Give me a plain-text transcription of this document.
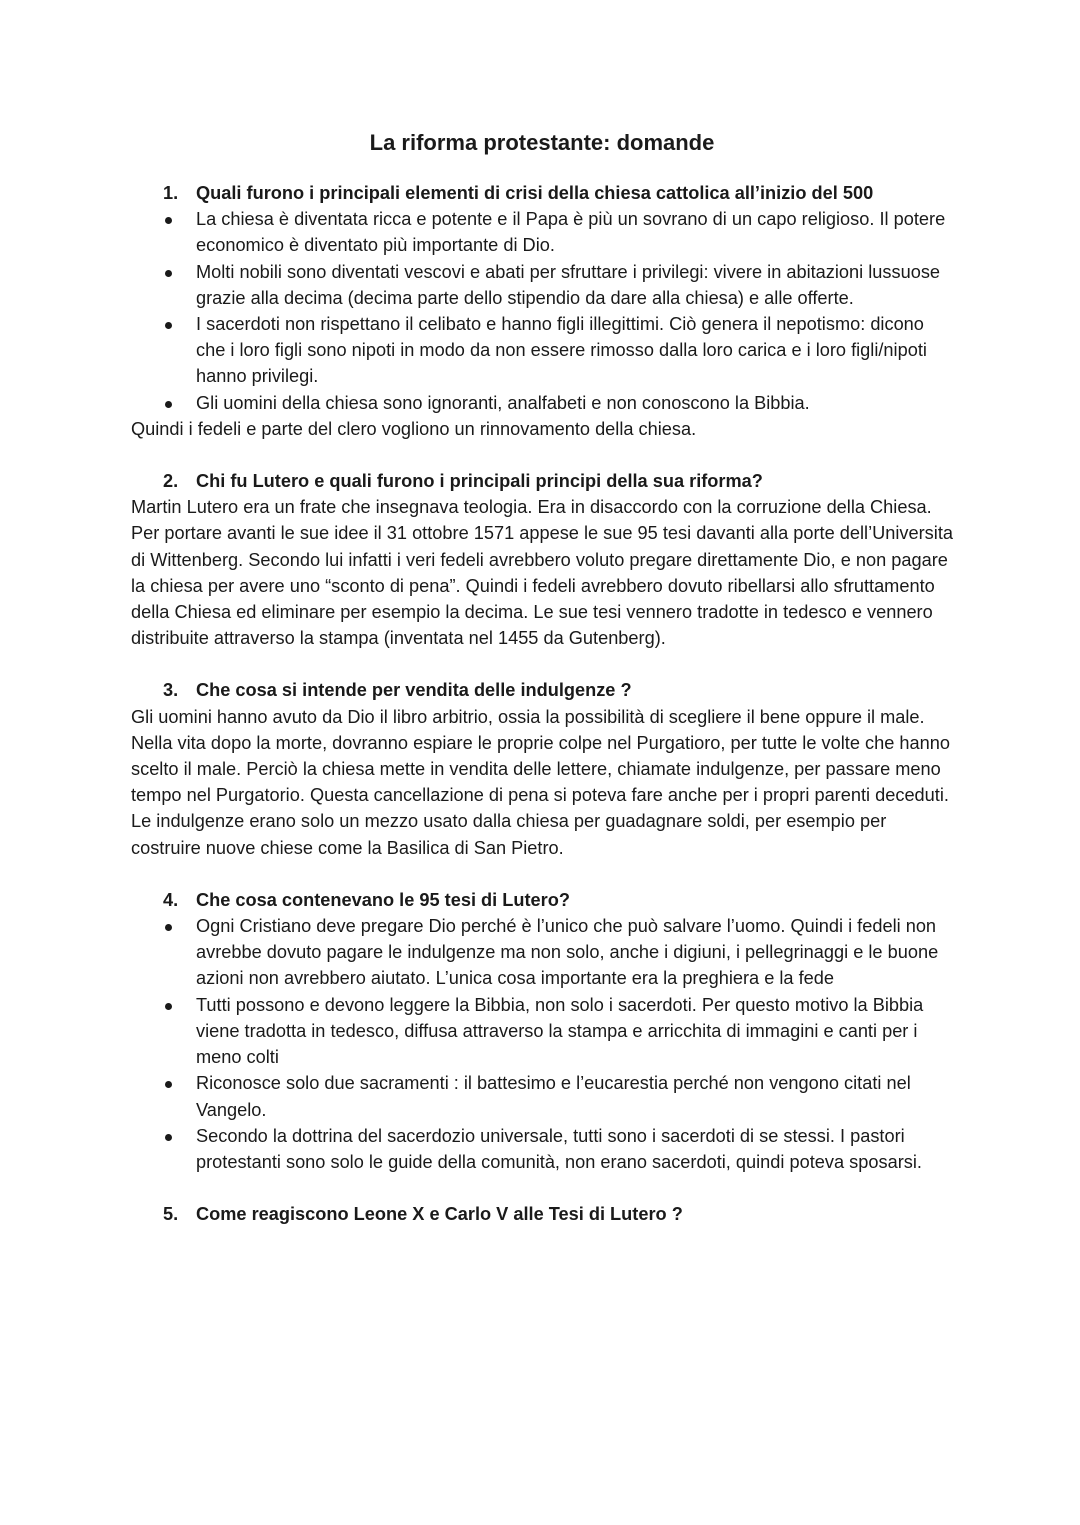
La riforma protestante: domande

1. Quali furono i principali elementi di crisi della chiesa cattolica all’inizio del 500

La chiesa è diventata ricca e potente e il Papa è più un sovrano di un capo religioso. Il potere economico è diventato più importante di Dio.
Molti nobili sono diventati vescovi e abati per sfruttare i privilegi: vivere in abitazioni lussuose grazie alla decima (decima parte dello stipendio da dare alla chiesa) e alle offerte.
I sacerdoti non rispettano il celibato e hanno figli illegittimi. Ciò genera il nepotismo: dicono che i loro figli sono nipoti in modo da non essere rimosso dalla loro carica e i loro figli/nipoti hanno privilegi.
Gli uomini della chiesa sono ignoranti, analfabeti e non conoscono la Bibbia.

Quindi i fedeli e parte del clero vogliono un rinnovamento della chiesa.

2. Chi fu Lutero e quali furono i principali principi della sua riforma?

Martin Lutero era un frate che insegnava teologia. Era in disaccordo con la corruzione della Chiesa. Per portare avanti le sue idee il 31 ottobre 1571 appese le sue 95 tesi davanti alla porte dell’Universita di Wittenberg. Secondo lui infatti i veri fedeli avrebbero voluto pregare direttamente Dio, e non pagare la chiesa per avere uno “sconto di pena”. Quindi i fedeli avrebbero dovuto ribellarsi allo sfruttamento della Chiesa ed eliminare per esempio la decima. Le sue tesi vennero tradotte in tedesco e vennero distribuite attraverso la stampa (inventata nel 1455 da Gutenberg).

3. Che cosa si intende per vendita delle indulgenze ?

Gli uomini hanno avuto da Dio il libro arbitrio, ossia la possibilità di scegliere il bene oppure il male. Nella vita dopo la morte, dovranno espiare le proprie colpe nel Purgatioro, per tutte le volte che hanno scelto il male. Perciò la chiesa mette in vendita delle lettere, chiamate indulgenze, per passare meno tempo nel Purgatorio. Questa cancellazione di pena si poteva fare anche per i propri parenti deceduti. Le indulgenze erano solo un mezzo usato dalla chiesa per guadagnare soldi, per esempio per costruire nuove chiese come la Basilica di San Pietro.

4. Che cosa contenevano le 95 tesi di Lutero?

Ogni Cristiano deve pregare Dio perché è l’unico che può salvare l’uomo. Quindi i fedeli non avrebbe dovuto pagare le indulgenze ma non solo, anche i digiuni, i pellegrinaggi e le buone azioni non avrebbero aiutato. L’unica cosa importante era la preghiera e la fede
Tutti possono e devono leggere la Bibbia, non solo i sacerdoti. Per questo motivo la Bibbia viene tradotta in tedesco, diffusa attraverso la stampa e arricchita di immagini e canti per i meno colti
Riconosce solo due sacramenti : il battesimo e l’eucarestia perché non vengono citati nel Vangelo.
Secondo la dottrina del sacerdozio universale, tutti sono i sacerdoti di se stessi. I pastori protestanti sono solo le guide della comunità, non erano sacerdoti, quindi poteva sposarsi.

5. Come reagiscono Leone X e Carlo V alle Tesi di Lutero ?
